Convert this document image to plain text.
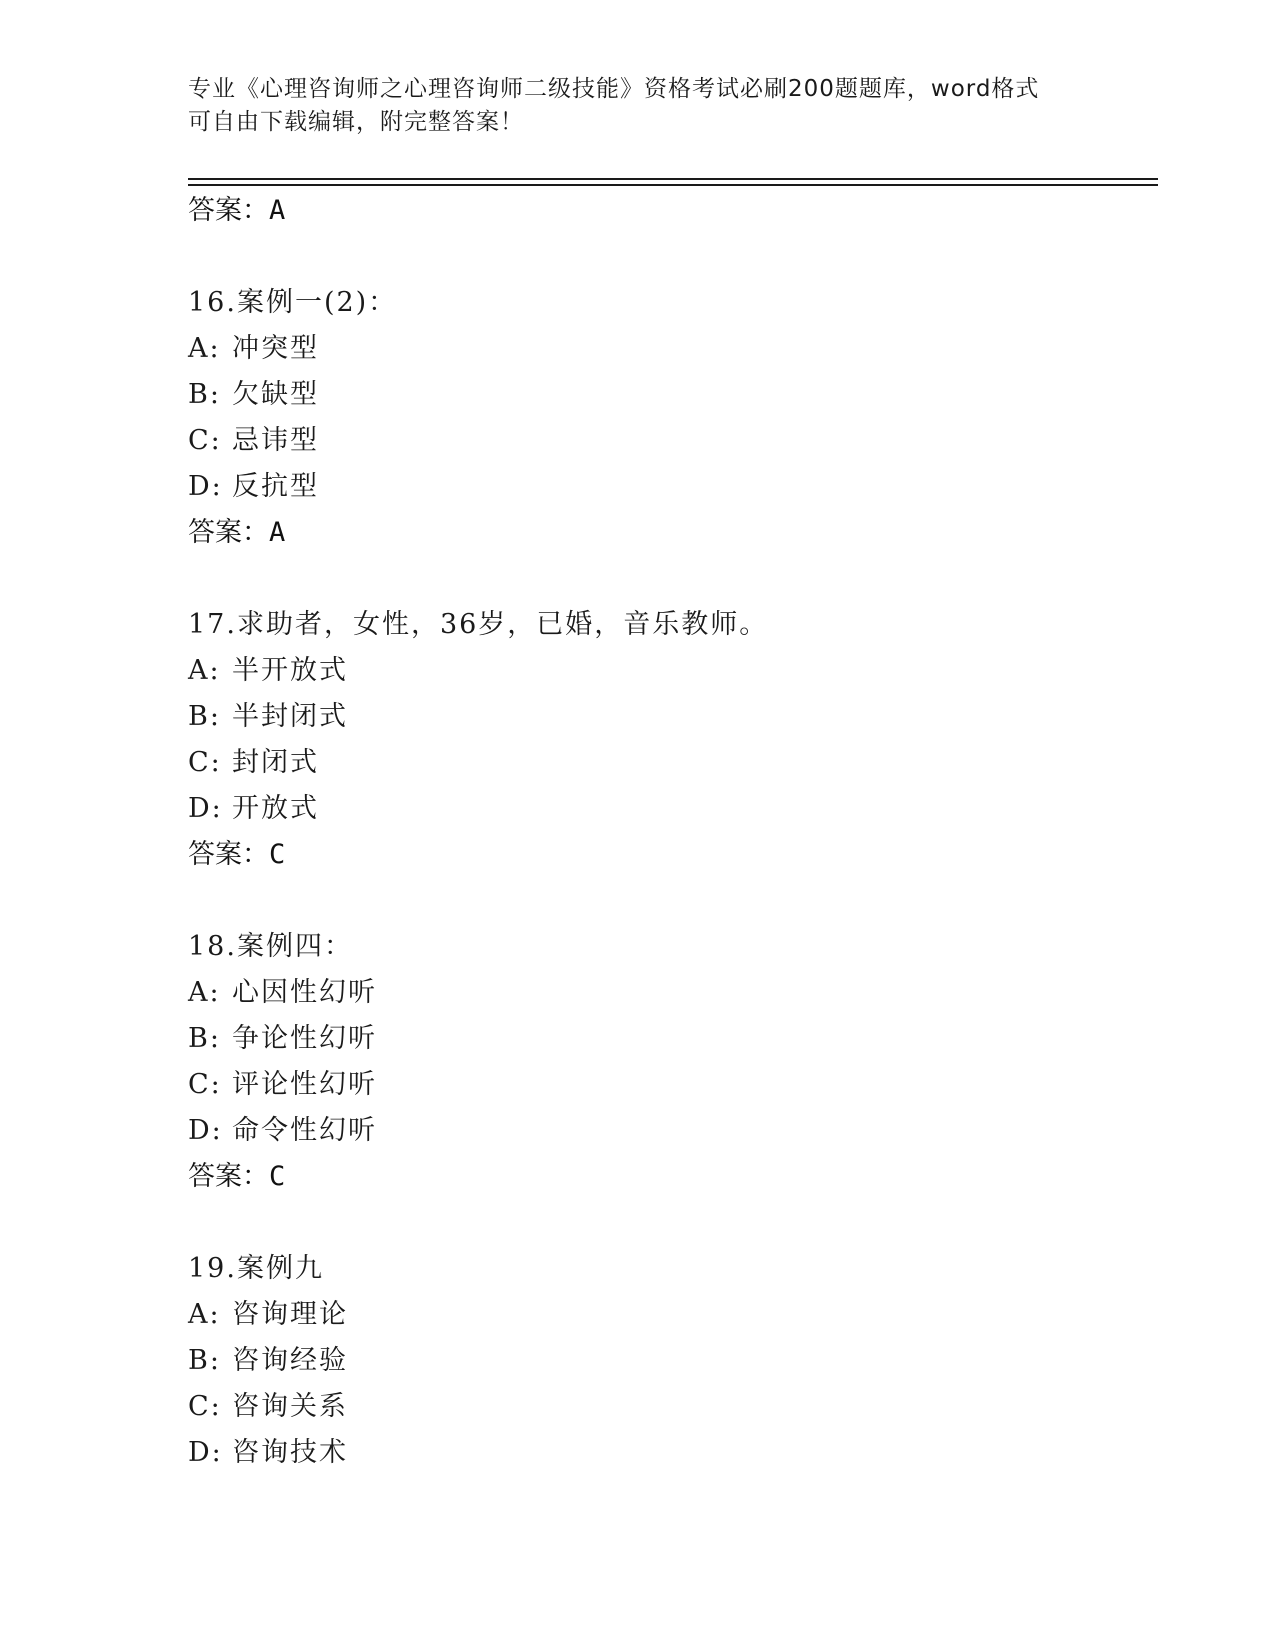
专业《心理咨询师之心理咨询师二级技能》资格考试必刷200题题库，word格式
可自由下载编辑，附完整答案！
答案：A
16.案例一(2)：
A: 冲突型
B: 欠缺型
C: 忌讳型
D: 反抗型
答案：A
17.求助者，女性，36岁，已婚，音乐教师。
A: 半开放式
B: 半封闭式
C: 封闭式
D: 开放式
答案：C
18.案例四：
A: 心因性幻听
B: 争论性幻听
C: 评论性幻听
D: 命令性幻听
答案：C
19.案例九
A: 咨询理论
B: 咨询经验
C: 咨询关系
D: 咨询技术
